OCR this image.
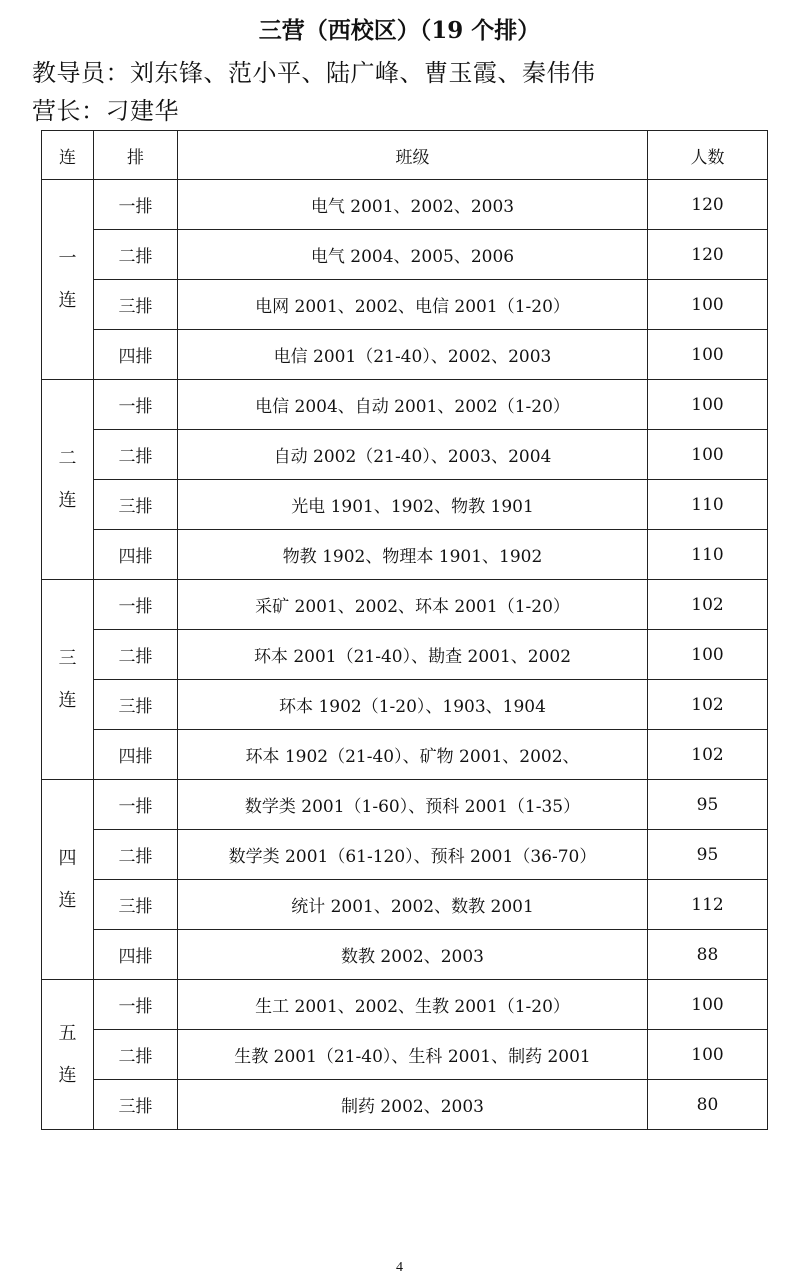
三营（西校区）（19 个排）
教导员：刘东锋、范小平、陆广峰、曹玉霞、秦伟伟
营长：刁建华
连	排	班级	人数

一
连	一排	电气 2001、2002、2003	120
	二排	电气 2004、2005、2006	120
	三排	电网 2001、2002、电信 2001（1-20）	100
	四排	电信 2001（21-40）、2002、2003	100

二
连	一排	电信 2004、自动 2001、2002（1-20）	100
	二排	自动 2002（21-40）、2003、2004	100
	三排	光电 1901、1902、物教 1901	110
	四排	物教 1902、物理本 1901、1902	110

三
连	一排	采矿 2001、2002、环本 2001（1-20）	102
	二排	环本 2001（21-40）、勘查 2001、2002	100
	三排	环本 1902（1-20）、1903、1904	102
	四排	环本 1902（21-40）、矿物 2001、2002、	102

四
连	一排	数学类 2001（1-60）、预科 2001（1-35）	95
	二排	数学类 2001（61-120）、预科 2001（36-70）	95
	三排	统计 2001、2002、数教 2001	112
	四排	数教 2002、2003	88

五
连	一排	生工 2001、2002、生教 2001（1-20）	100
	二排	生教 2001（21-40）、生科 2001、制药 2001	100
	三排	制药 2002、2003	80
4
